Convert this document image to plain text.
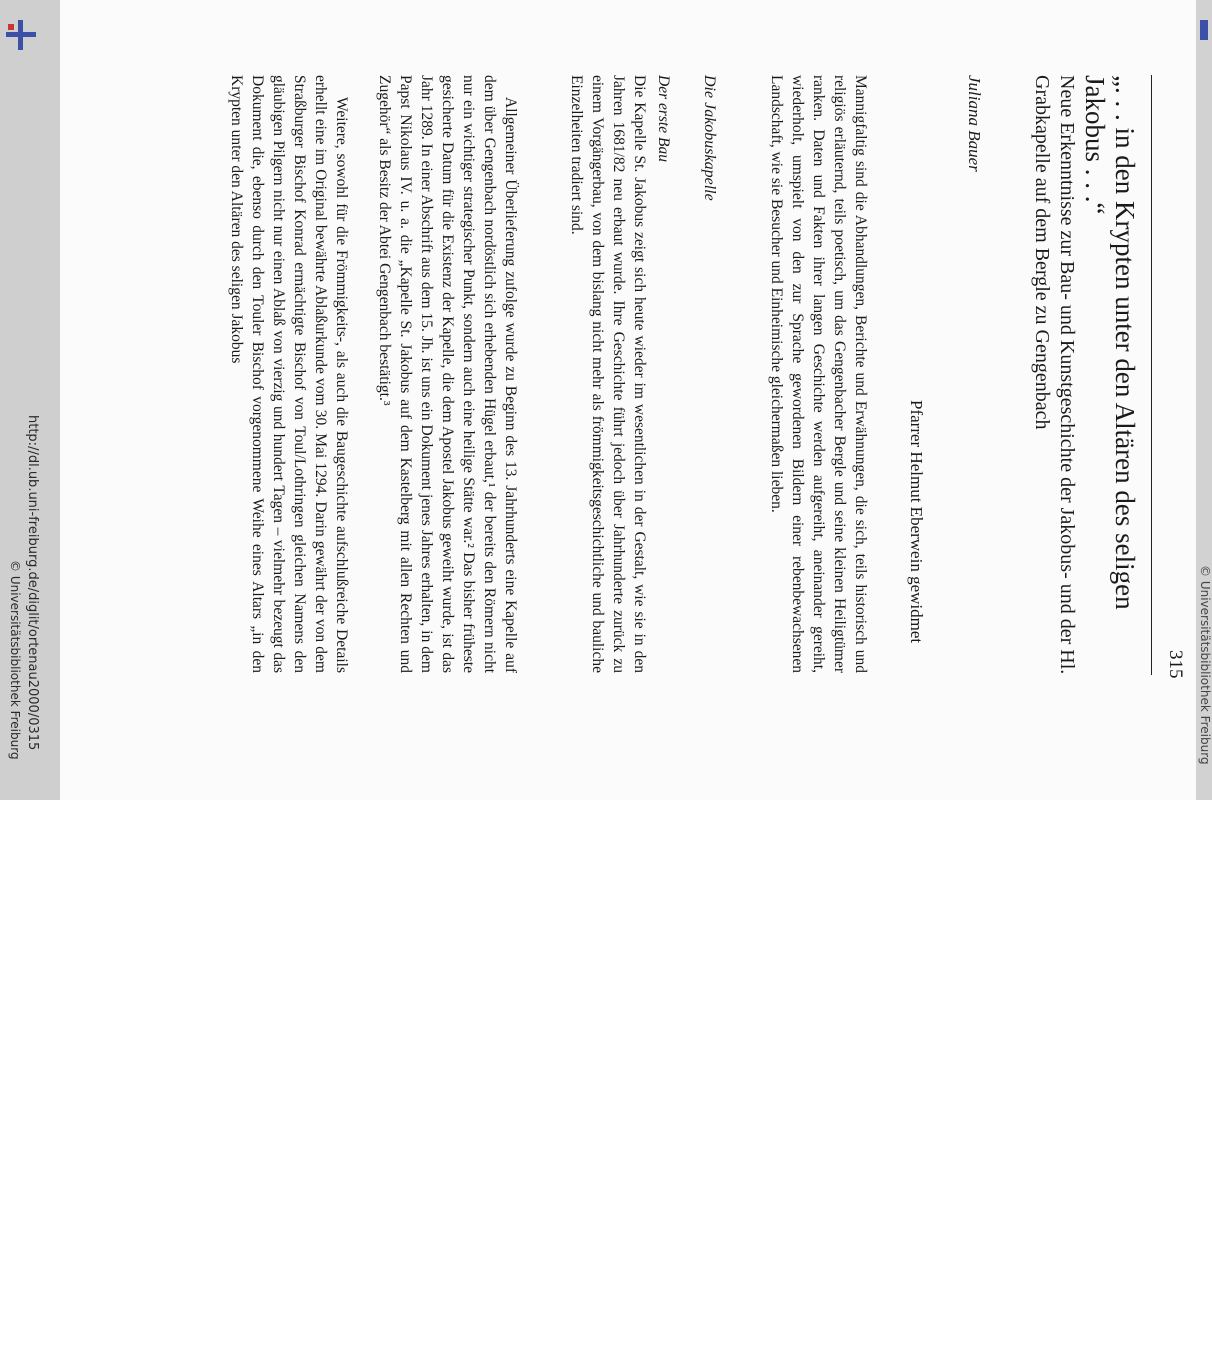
315
„. . . in den Krypten unter den Altären des seligen Jakobus . . .“

Neue Erkenntnisse zur Bau- und Kunstgeschichte der Jakobus- und der Hl. Grabkapelle auf dem Bergle zu Gengenbach

Juliana Bauer
Pfarrer Helmut Eberwein gewidmet

Mannigfaltig sind die Abhandlungen, Berichte und Erwähnungen, die sich, teils historisch und religiös erläuternd, teils poetisch, um das Gengenbacher Bergle und seine kleinen Heiligtümer ranken. Daten und Fakten ihrer langen Geschichte werden aufgereiht, aneinander gereiht, wiederholt, umspielt von den zur Sprache gewordenen Bildern einer rebenbewachsenen Landschaft, wie sie Besucher und Einheimische gleichermaßen lieben.

Die Jakobuskapelle
Der erste Bau

Die Kapelle St. Jakobus zeigt sich heute wieder im wesentlichen in der Gestalt, wie sie in den Jahren 1681/82 neu erbaut wurde. Ihre Geschichte führt jedoch über Jahrhunderte zurück zu einem Vorgängerbau, von dem bislang nicht mehr als frömmigkeitsgeschichtliche und bauliche Einzelheiten tradiert sind.

Allgemeiner Überlieferung zufolge wurde zu Beginn des 13. Jahrhunderts eine Kapelle auf dem über Gengenbach nordöstlich sich erhebenden Hügel erbaut,¹ der bereits den Römern nicht nur ein wichtiger strategischer Punkt, sondern auch eine heilige Stätte war.² Das bisher früheste gesicherte Datum für die Existenz der Kapelle, die dem Apostel Jakobus geweiht wurde, ist das Jahr 1289. In einer Abschrift aus dem 15. Jh. ist uns ein Dokument jenes Jahres erhalten, in dem Papst Nikolaus IV. u. a. die „Kapelle St. Jakobus auf dem Kastelberg mit allen Rechten und Zugehör“ als Besitz der Abtei Gengenbach bestätigt.³

Weitere, sowohl für die Frömmigkeits-, als auch die Baugeschichte aufschlußreiche Details erhellt eine im Original bewährte Ablaßurkunde vom 30. Mai 1294. Darin gewährt der von dem Straßburger Bischof Konrad ermächtigte Bischof von Toul/Lothringen gleichen Namens den gläubigen Pilgern nicht nur einen Ablaß von vierzig und hundert Tagen – vielmehr bezeugt das Dokument die, ebenso durch den Touler Bischof vorgenommene Weihe eines Altars „in den Krypten unter den Altären des seligen Jakobus

http://dl.ub.uni-freiburg.de/diglit/ortenau2000/0315
© Universitätsbibliothek Freiburg	© Universitätsbibliothek Freiburg
